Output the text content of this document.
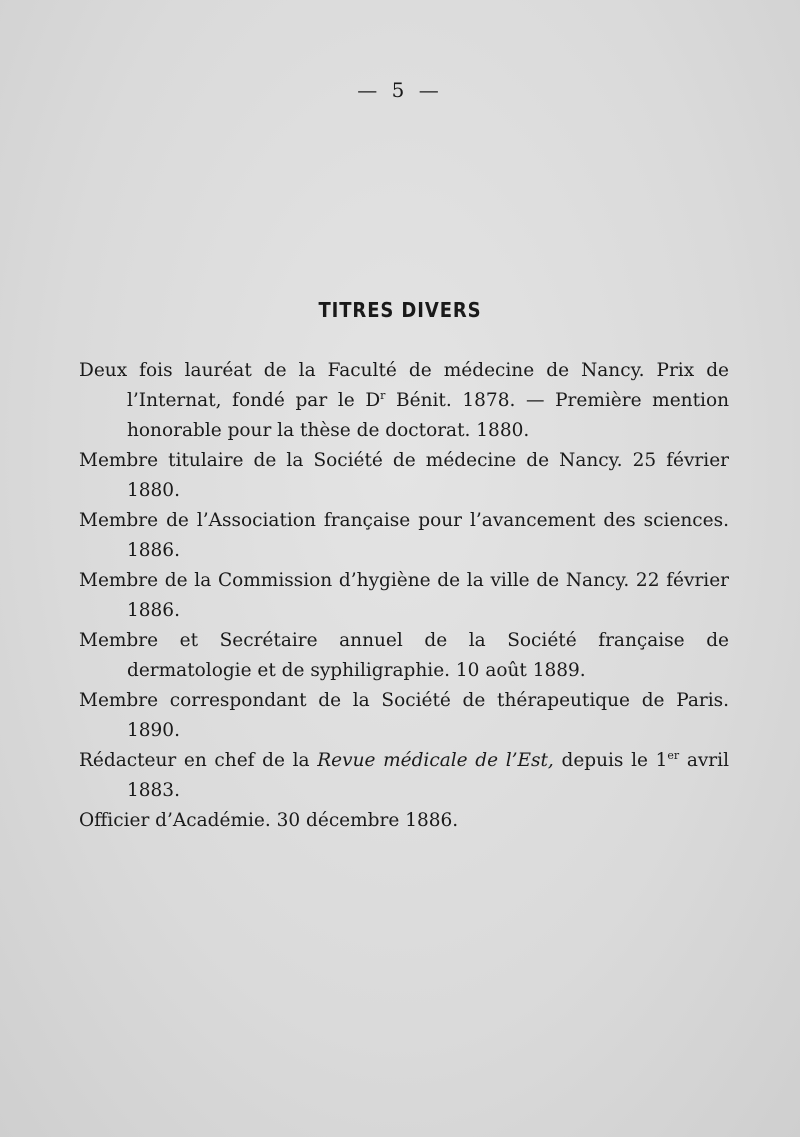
— 5 —
TITRES DIVERS
Deux fois lauréat de la Faculté de médecine de Nancy. Prix de l’Internat, fondé par le $D^r$ Bénit. 1878. — Première mention honorable pour la thèse de doctorat. 1880.
Membre titulaire de la Société de médecine de Nancy. 25 février 1880.
Membre de l’Association française pour l’avancement des sciences. 1886.
Membre de la Commission d’hygiène de la ville de Nancy. 22 février 1886.
Membre et Secrétaire annuel de la Société française de dermatologie et de syphiligraphie. 10 août 1889.
Membre correspondant de la Société de thérapeutique de Paris. 1890.
Rédacteur en chef de la Revue médicale de l’Est, depuis le 1er avril 1883.
Officier d’Académie. 30 décembre 1886.
